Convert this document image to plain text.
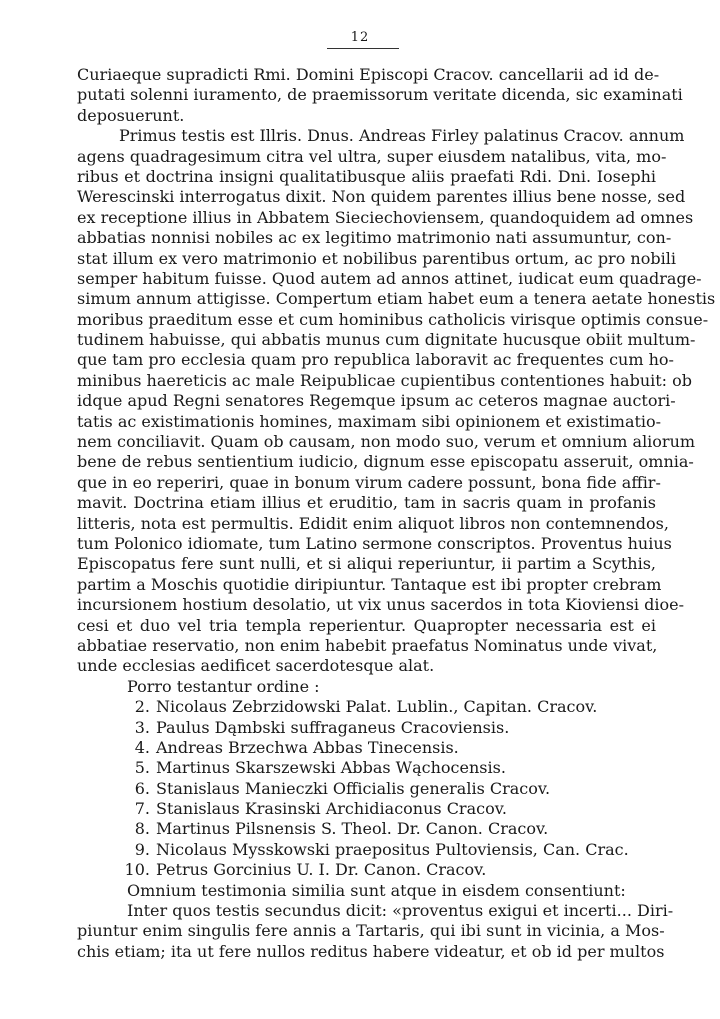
12
Curiaeque supradicti Rmi. Domini Episcopi Cracov. cancellarii ad id de-
putati solenni iuramento, de praemissorum veritate dicenda, sic examinati
deposuerunt.
Primus testis est Illris. Dnus. Andreas Firley palatinus Cracov. annum
agens quadragesimum citra vel ultra, super eiusdem natalibus, vita, mo-
ribus et doctrina insigni qualitatibusque aliis praefati Rdi. Dni. Iosephi
Werescinski interrogatus dixit. Non quidem parentes illius bene nosse, sed
ex receptione illius in Abbatem Sieciechoviensem, quandoquidem ad omnes
abbatias nonnisi nobiles ac ex legitimo matrimonio nati assumuntur, con-
stat illum ex vero matrimonio et nobilibus parentibus ortum, ac pro nobili
semper habitum fuisse. Quod autem ad annos attinet, iudicat eum quadrage-
simum annum attigisse. Compertum etiam habet eum a tenera aetate honestis
moribus praeditum esse et cum hominibus catholicis virisque optimis consue-
tudinem habuisse, qui abbatis munus cum dignitate hucusque obiit multum-
que tam pro ecclesia quam pro republica laboravit ac frequentes cum ho-
minibus haereticis ac male Reipublicae cupientibus contentiones habuit: ob
idque apud Regni senatores Regemque ipsum ac ceteros magnae auctori-
tatis ac existimationis homines, maximam sibi opinionem et existimatio-
nem conciliavit. Quam ob causam, non modo suo, verum et omnium aliorum
bene de rebus sentientium iudicio, dignum esse episcopatu asseruit, omnia-
que in eo reperiri, quae in bonum virum cadere possunt, bona fide affir-
mavit. Doctrina etiam illius et eruditio, tam in sacris quam in profanis
litteris, nota est permultis. Edidit enim aliquot libros non contemnendos,
tum Polonico idiomate, tum Latino sermone conscriptos. Proventus huius
Episcopatus fere sunt nulli, et si aliqui reperiuntur, ii partim a Scythis,
partim a Moschis quotidie diripiuntur. Tantaque est ibi propter crebram
incursionem hostium desolatio, ut vix unus sacerdos in tota Kioviensi dioe-
cesi et duo vel tria templa reperientur. Quapropter necessaria est ei
abbatiae reservatio, non enim habebit praefatus Nominatus unde vivat,
unde ecclesias aedificet sacerdotesque alat.
Porro testantur ordine :
2. Nicolaus Zebrzidowski Palat. Lublin., Capitan. Cracov.
3. Paulus Dąmbski suffraganeus Cracoviensis.
4. Andreas Brzechwa Abbas Tinecensis.
5. Martinus Skarszewski Abbas Wąchocensis.
6. Stanislaus Manieczki Officialis generalis Cracov.
7. Stanislaus Krasinski Archidiaconus Cracov.
8. Martinus Pilsnensis S. Theol. Dr. Canon. Cracov.
9. Nicolaus Mysskowski praepositus Pultoviensis, Can. Crac.
10. Petrus Gorcinius U. I. Dr. Canon. Cracov.
Omnium testimonia similia sunt atque in eisdem consentiunt:
Inter quos testis secundus dicit: «proventus exigui et incerti... Diri-
piuntur enim singulis fere annis a Tartaris, qui ibi sunt in vicinia, a Mos-
chis etiam; ita ut fere nullos reditus habere videatur, et ob id per multos
